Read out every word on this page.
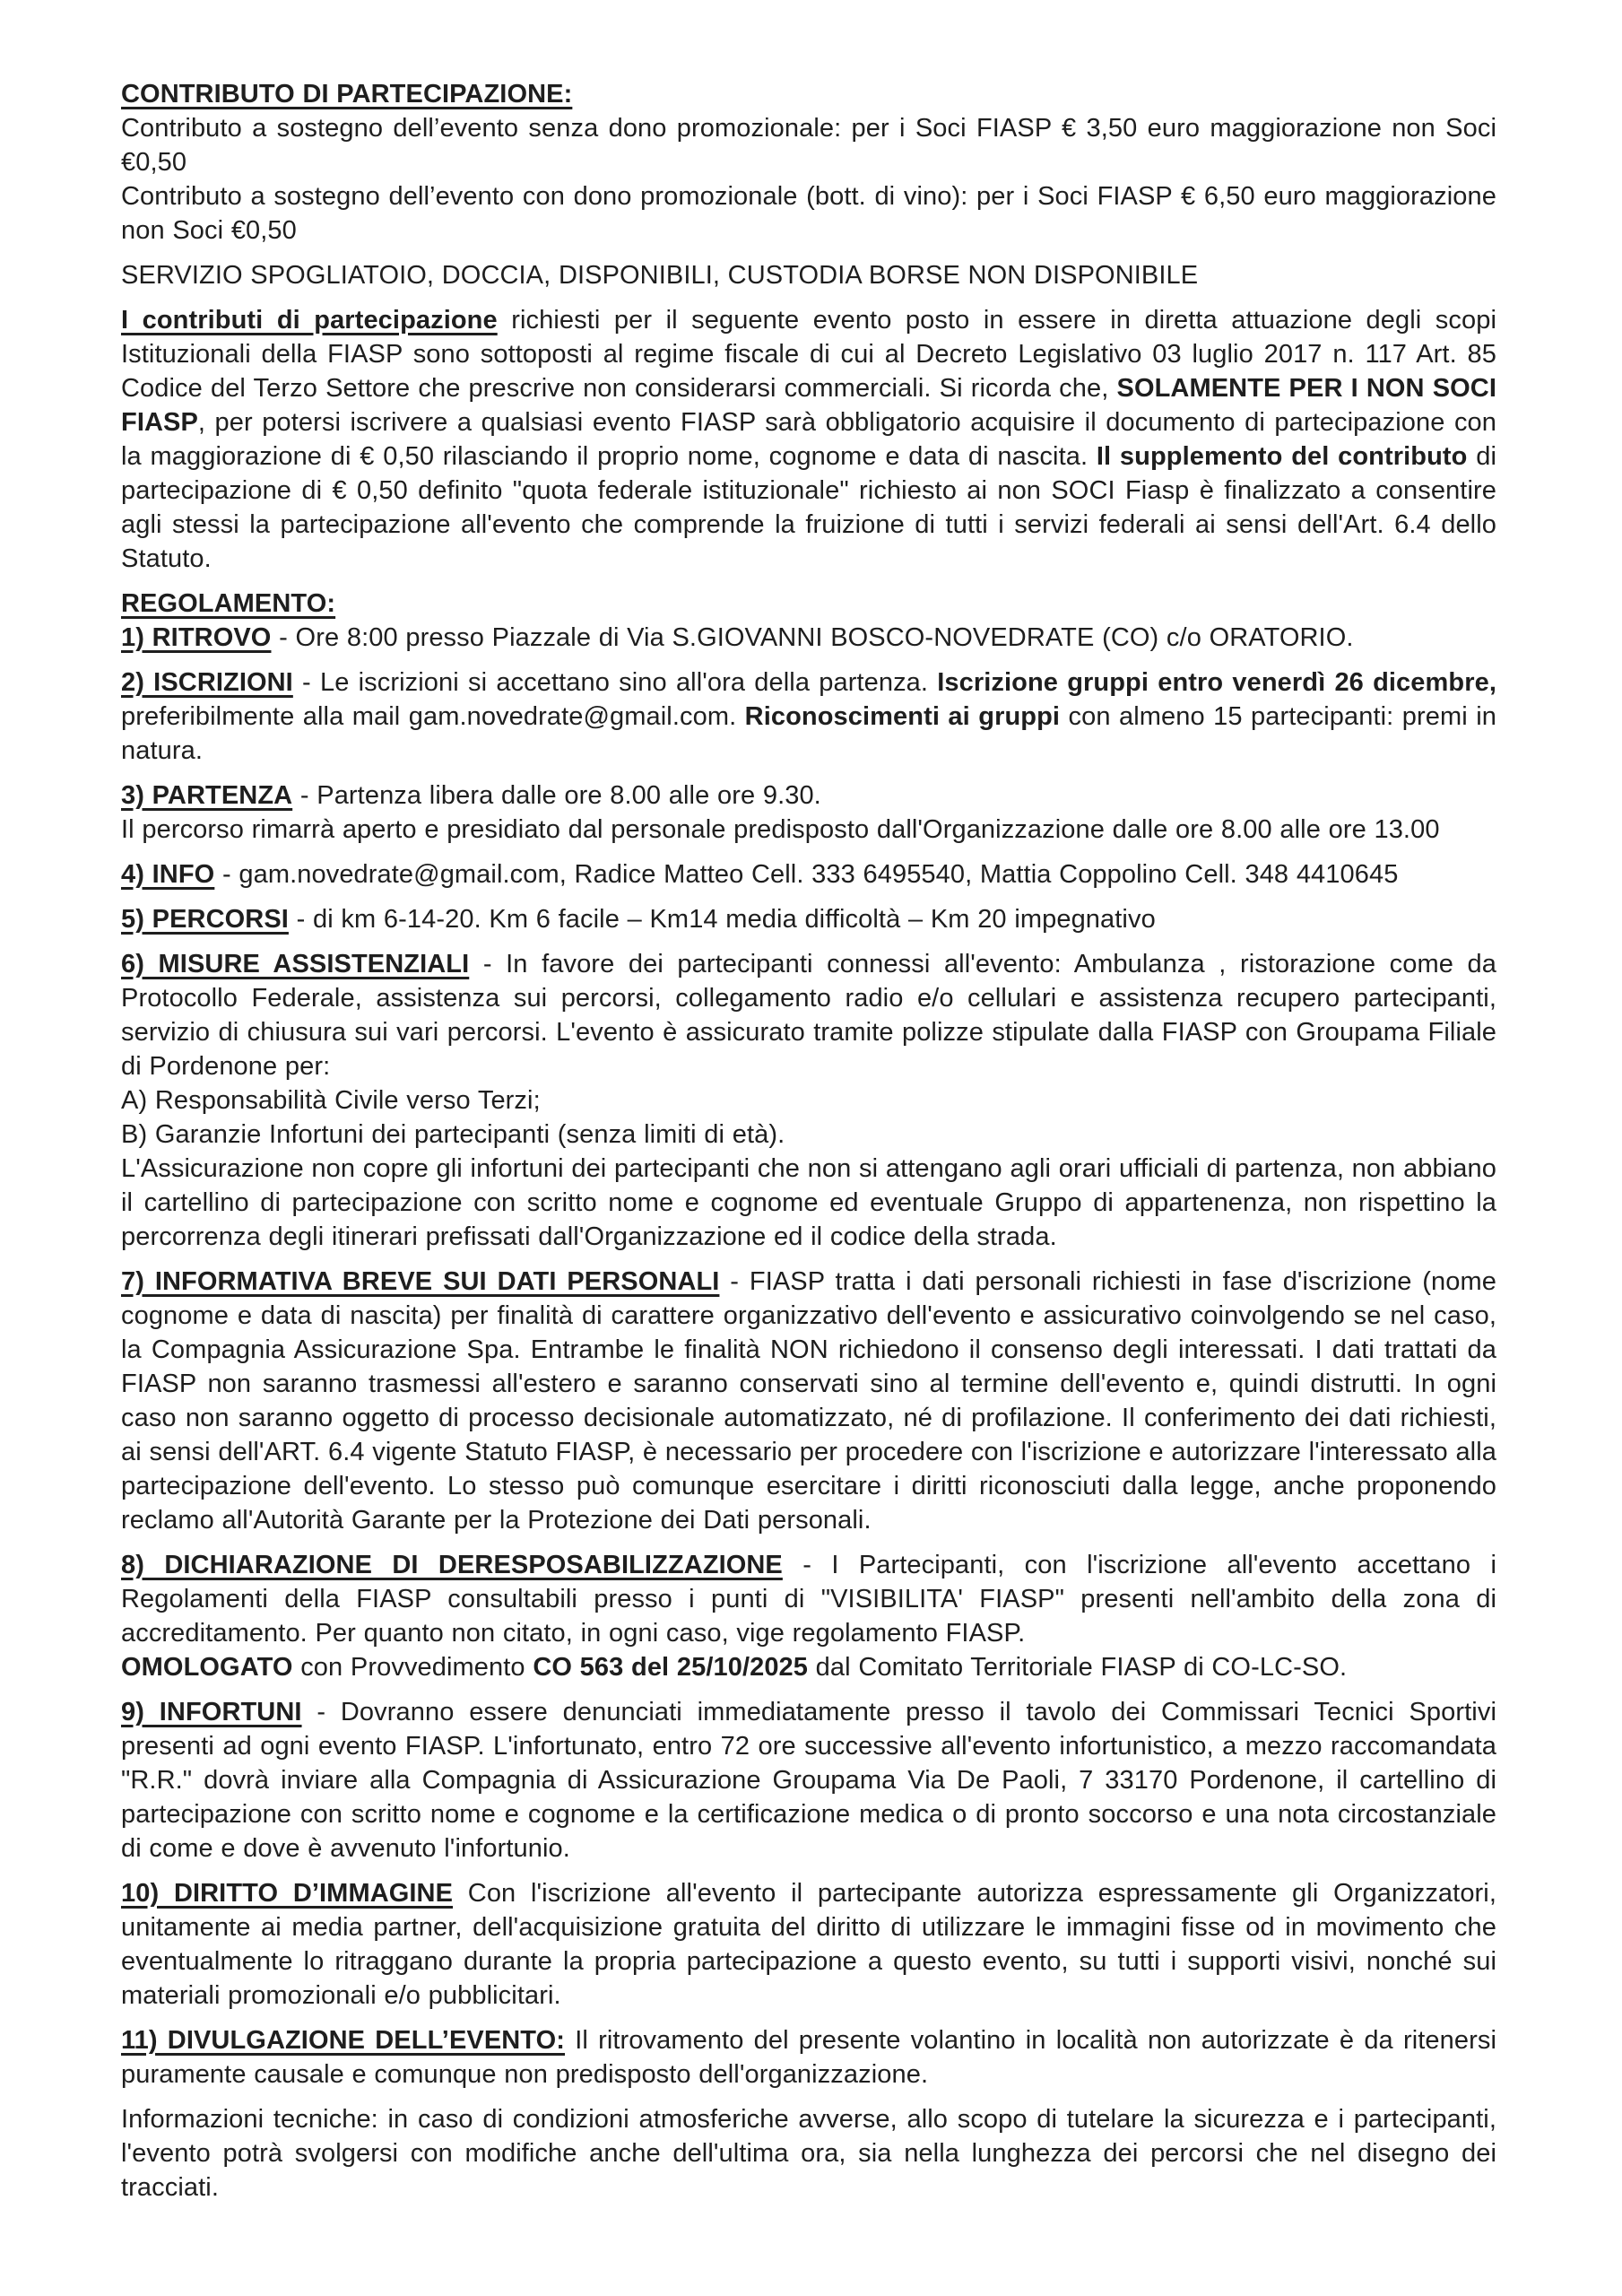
CONTRIBUTO DI PARTECIPAZIONE:

Contributo a sostegno dell’evento senza dono promozionale: per i Soci FIASP € 3,50 euro maggiorazione non Soci €0,50
Contributo a sostegno dell’evento con dono promozionale (bott. di vino): per i Soci FIASP € 6,50 euro maggiorazione non Soci €0,50

SERVIZIO SPOGLIATOIO, DOCCIA, DISPONIBILI, CUSTODIA BORSE NON DISPONIBILE

I contributi di partecipazione richiesti per il seguente evento posto in essere in diretta attuazione degli scopi Istituzionali della FIASP sono sottoposti al regime fiscale di cui al Decreto Legislativo 03 luglio 2017 n. 117 Art. 85 Codice del Terzo Settore che prescrive non considerarsi commerciali. Si ricorda che, SOLAMENTE PER I NON SOCI FIASP, per potersi iscrivere a qualsiasi evento FIASP sarà obbligatorio acquisire il documento di partecipazione con la maggiorazione di € 0,50 rilasciando il proprio nome, cognome e data di nascita. Il supplemento del contributo di partecipazione di € 0,50 definito "quota federale istituzionale" richiesto ai non SOCI Fiasp è finalizzato a consentire agli stessi la partecipazione all'evento che comprende la fruizione di tutti i servizi federali ai sensi dell'Art. 6.4 dello Statuto.

REGOLAMENTO:

1) RITROVO - Ore 8:00 presso Piazzale di Via S.GIOVANNI BOSCO-NOVEDRATE (CO) c/o ORATORIO.

2) ISCRIZIONI - Le iscrizioni si accettano sino all'ora della partenza. Iscrizione gruppi entro venerdì 26 dicembre, preferibilmente alla mail gam.novedrate@gmail.com. Riconoscimenti ai gruppi con almeno 15 partecipanti: premi in natura.

3) PARTENZA - Partenza libera dalle ore 8.00 alle ore 9.30.
Il percorso rimarrà aperto e presidiato dal personale predisposto dall'Organizzazione dalle ore 8.00 alle ore 13.00

4) INFO - gam.novedrate@gmail.com, Radice Matteo Cell. 333 6495540, Mattia Coppolino Cell. 348 4410645

5) PERCORSI - di km 6-14-20. Km 6 facile – Km14 media difficoltà – Km 20 impegnativo

6) MISURE ASSISTENZIALI - In favore dei partecipanti connessi all'evento: Ambulanza , ristorazione come da Protocollo Federale, assistenza sui percorsi, collegamento radio e/o cellulari e assistenza recupero partecipanti, servizio di chiusura sui vari percorsi. L'evento è assicurato tramite polizze stipulate dalla FIASP con Groupama Filiale di Pordenone per:
A) Responsabilità Civile verso Terzi;
B) Garanzie Infortuni dei partecipanti (senza limiti di età).
L'Assicurazione non copre gli infortuni dei partecipanti che non si attengano agli orari ufficiali di partenza, non abbiano il cartellino di partecipazione con scritto nome e cognome ed eventuale Gruppo di appartenenza, non rispettino la percorrenza degli itinerari prefissati dall'Organizzazione ed il codice della strada.

7) INFORMATIVA BREVE SUI DATI PERSONALI - FIASP tratta i dati personali richiesti in fase d'iscrizione (nome cognome e data di nascita) per finalità di carattere organizzativo dell'evento e assicurativo coinvolgendo se nel caso, la Compagnia Assicurazione Spa. Entrambe le finalità NON richiedono il consenso degli interessati. I dati trattati da FIASP non saranno trasmessi all'estero e saranno conservati sino al termine dell'evento e, quindi distrutti. In ogni caso non saranno oggetto di processo decisionale automatizzato, né di profilazione. Il conferimento dei dati richiesti, ai sensi dell'ART. 6.4 vigente Statuto FIASP, è necessario per procedere con l'iscrizione e autorizzare l'interessato alla partecipazione dell'evento. Lo stesso può comunque esercitare i diritti riconosciuti dalla legge, anche proponendo reclamo all'Autorità Garante per la Protezione dei Dati personali.

8) DICHIARAZIONE DI DERESPOSABILIZZAZIONE - I Partecipanti, con l'iscrizione all'evento accettano i Regolamenti della FIASP consultabili presso i punti di "VISIBILITA' FIASP" presenti nell'ambito della zona di accreditamento. Per quanto non citato, in ogni caso, vige regolamento FIASP.
OMOLOGATO con Provvedimento CO 563 del 25/10/2025 dal Comitato Territoriale FIASP di CO-LC-SO.

9) INFORTUNI - Dovranno essere denunciati immediatamente presso il tavolo dei Commissari Tecnici Sportivi presenti ad ogni evento FIASP. L'infortunato, entro 72 ore successive all'evento infortunistico, a mezzo raccomandata "R.R." dovrà inviare alla Compagnia di Assicurazione Groupama Via De Paoli, 7 33170 Pordenone, il cartellino di partecipazione con scritto nome e cognome e la certificazione medica o di pronto soccorso e una nota circostanziale di come e dove è avvenuto l'infortunio.

10) DIRITTO D’IMMAGINE Con l'iscrizione all'evento il partecipante autorizza espressamente gli Organizzatori, unitamente ai media partner, dell'acquisizione gratuita del diritto di utilizzare le immagini fisse od in movimento che eventualmente lo ritraggano durante la propria partecipazione a questo evento, su tutti i supporti visivi, nonché sui materiali promozionali e/o pubblicitari.

11) DIVULGAZIONE DELL’EVENTO: Il ritrovamento del presente volantino in località non autorizzate è da ritenersi puramente causale e comunque non predisposto dell'organizzazione.

Informazioni tecniche: in caso di condizioni atmosferiche avverse, allo scopo di tutelare la sicurezza e i partecipanti, l'evento potrà svolgersi con modifiche anche dell'ultima ora, sia nella lunghezza dei percorsi che nel disegno dei tracciati.
